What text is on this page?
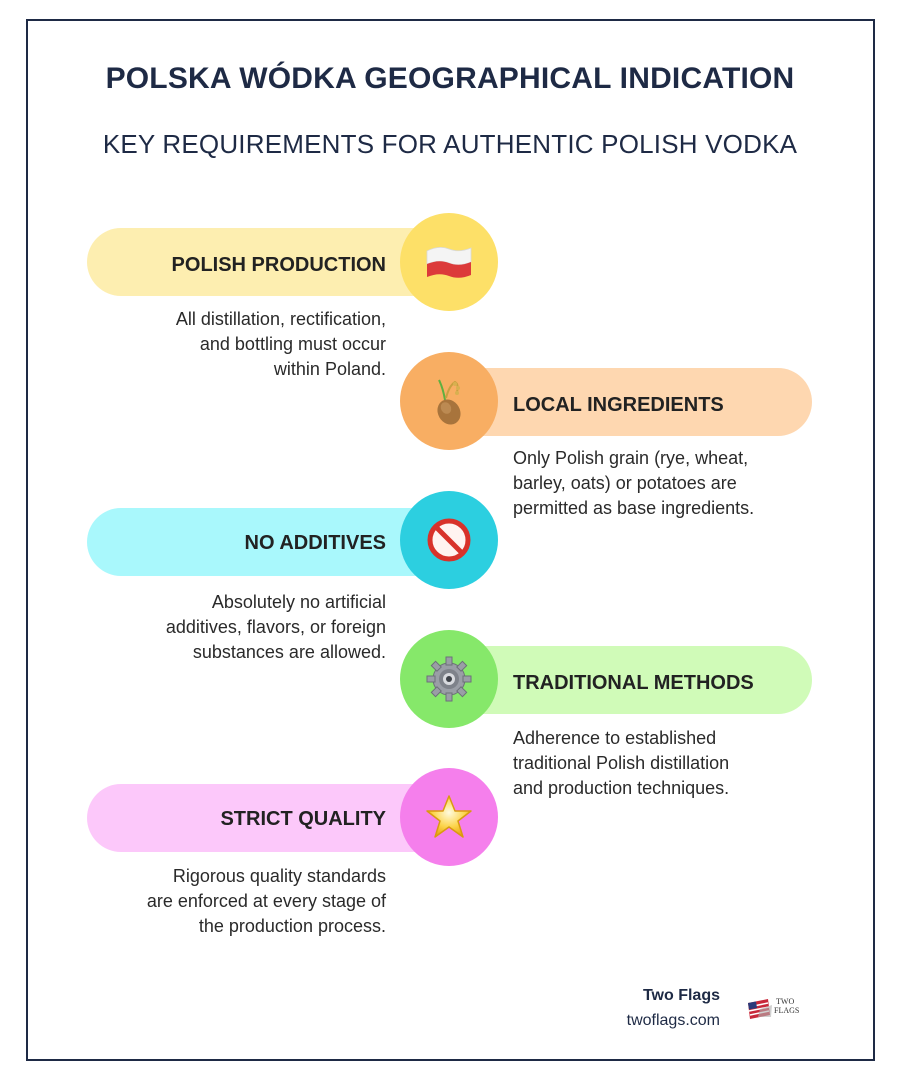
POLSKA WÓDKA GEOGRAPHICAL INDICATION
KEY REQUIREMENTS FOR AUTHENTIC POLISH VODKA
POLISH PRODUCTION
All distillation, rectification,
and bottling must occur
within Poland.
LOCAL INGREDIENTS
Only Polish grain (rye, wheat,
barley, oats) or potatoes are
permitted as base ingredients.
NO ADDITIVES
Absolutely no artificial
additives, flavors, or foreign
substances are allowed.
TRADITIONAL METHODS
Adherence to established
traditional Polish distillation
and production techniques.
STRICT QUALITY
Rigorous quality standards
are enforced at every stage of
the production process.
Two Flags
twoflags.com
TWO
FLAGS
